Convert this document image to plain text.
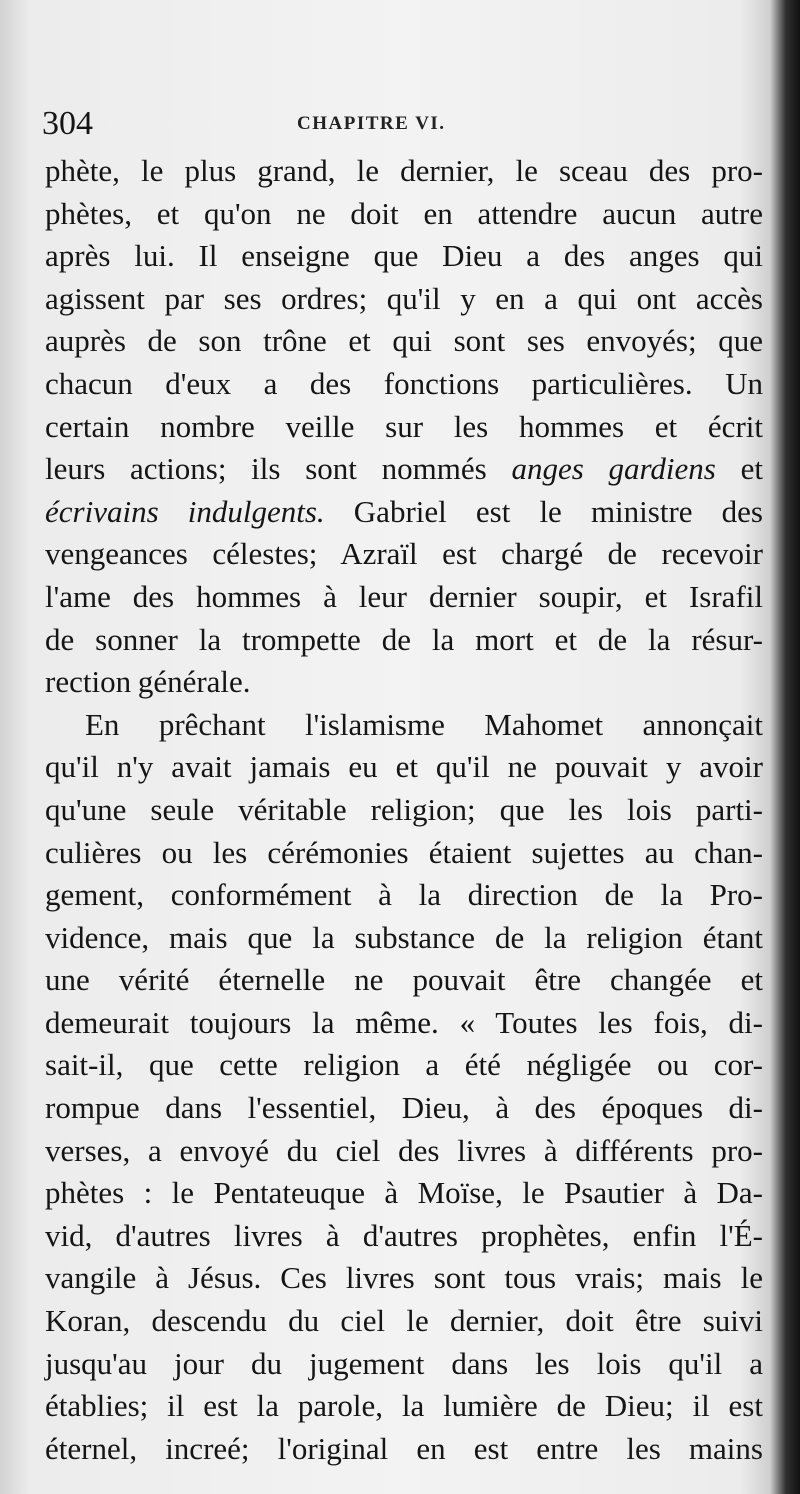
304	CHAPITRE VI.
phète, le plus grand, le dernier, le sceau des pro-
phètes, et qu'on ne doit en attendre aucun autre
après lui. Il enseigne que Dieu a des anges qui
agissent par ses ordres; qu'il y en a qui ont accès
auprès de son trône et qui sont ses envoyés; que
chacun d'eux a des fonctions particulières. Un
certain nombre veille sur les hommes et écrit
leurs actions; ils sont nommés anges gardiens et
écrivains indulgents. Gabriel est le ministre des
vengeances célestes; Azraïl est chargé de recevoir
l'ame des hommes à leur dernier soupir, et Israfil
de sonner la trompette de la mort et de la résur-
rection générale.
En prêchant l'islamisme Mahomet annonçait
qu'il n'y avait jamais eu et qu'il ne pouvait y avoir
qu'une seule véritable religion; que les lois parti-
culières ou les cérémonies étaient sujettes au chan-
gement, conformément à la direction de la Pro-
vidence, mais que la substance de la religion étant
une vérité éternelle ne pouvait être changée et
demeurait toujours la même. « Toutes les fois, di-
sait-il, que cette religion a été négligée ou cor-
rompue dans l'essentiel, Dieu, à des époques di-
verses, a envoyé du ciel des livres à différents pro-
phètes : le Pentateuque à Moïse, le Psautier à Da-
vid, d'autres livres à d'autres prophètes, enfin l'É-
vangile à Jésus. Ces livres sont tous vrais; mais le
Koran, descendu du ciel le dernier, doit être suivi
jusqu'au jour du jugement dans les lois qu'il a
établies; il est la parole, la lumière de Dieu; il est
éternel, increé; l'original en est entre les mains
